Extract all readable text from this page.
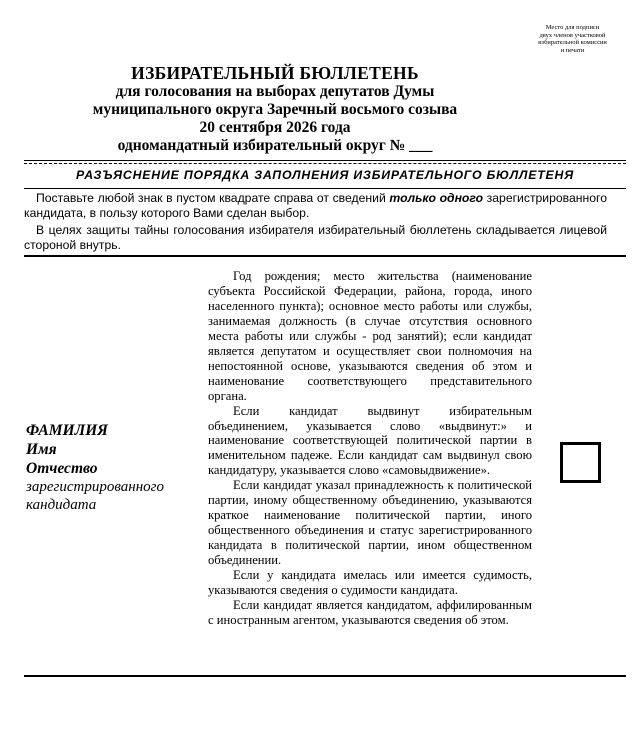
Место для подписи
двух членов участковой
избирательной комиссии
и печати
ИЗБИРАТЕЛЬНЫЙ БЮЛЛЕТЕНЬ
для голосования на выборах депутатов Думы
муниципального округа Заречный восьмого созыва
20 сентября 2026 года
одномандатный избирательный округ № ___
РАЗЪЯСНЕНИЕ ПОРЯДКА ЗАПОЛНЕНИЯ ИЗБИРАТЕЛЬНОГО БЮЛЛЕТЕНЯ

Поставьте любой знак в пустом квадрате справа от сведений только одного зарегистрированного кандидата, в пользу которого Вами сделан выбор.

В целях защиты тайны голосования избирателя избирательный бюллетень складывается лицевой стороной внутрь.

ФАМИЛИЯ
Имя
Отчество
зарегистрированного кандидата

Год рождения; место жительства (наименование субъекта Российской Федерации, района, города, иного населенного пункта); основное место работы или службы, занимаемая должность (в случае отсутствия основного места работы или службы - род занятий); если кандидат является депутатом и осуществляет свои полномочия на непостоянной основе, указываются сведения об этом и наименование соответствующего представительного органа.

Если кандидат выдвинут избирательным объединением, указывается слово «выдвинут:» и наименование соответствующей политической партии в именительном падеже. Если кандидат сам выдвинул свою кандидатуру, указывается слово «самовыдвижение».

Если кандидат указал принадлежность к политической партии, иному общественному объединению, указываются краткое наименование политической партии, иного общественного объединения и статус зарегистрированного кандидата в политической партии, ином общественном объединении.

Если у кандидата имелась или имеется судимость, указываются сведения о судимости кандидата.

Если кандидат является кандидатом, аффилированным с иностранным агентом, указываются сведения об этом.
